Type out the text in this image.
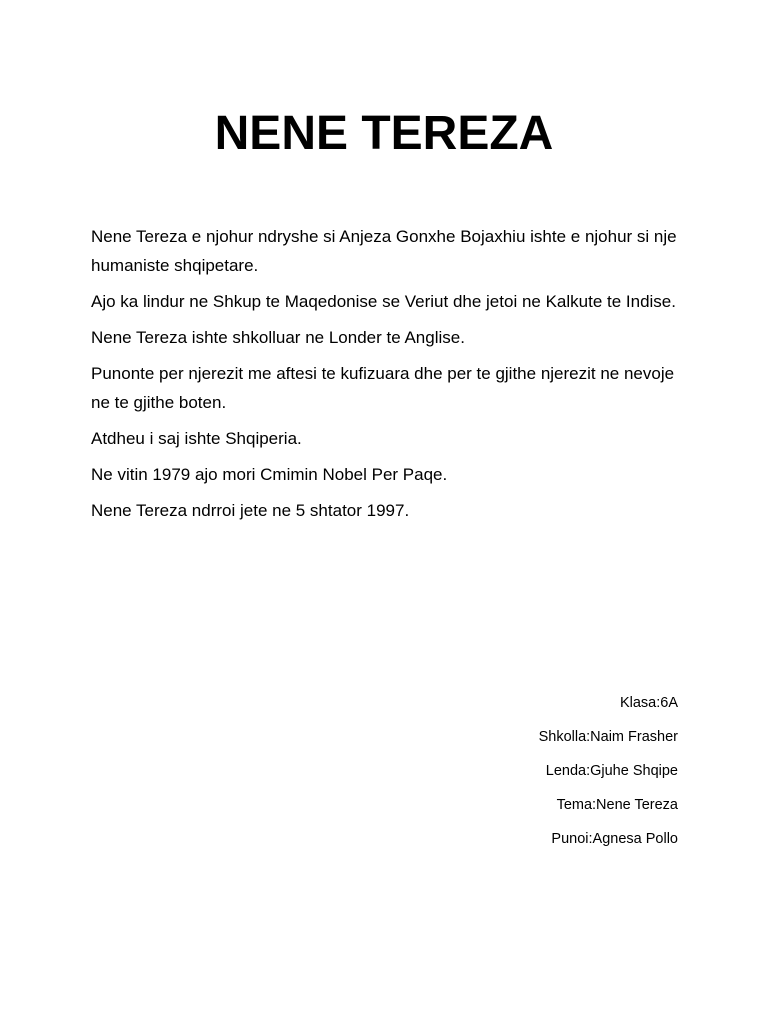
NENE TEREZA

Nene Tereza e njohur ndryshe si Anjeza Gonxhe Bojaxhiu ishte e njohur si nje humaniste shqipetare.

Ajo ka lindur ne Shkup te Maqedonise se Veriut dhe jetoi ne Kalkute te Indise.

Nene Tereza ishte shkolluar ne Londer te Anglise.

Punonte per njerezit me aftesi te kufizuara dhe per te gjithe njerezit ne nevoje ne te gjithe boten.

Atdheu i saj ishte Shqiperia.

Ne vitin 1979 ajo mori Cmimin Nobel Per Paqe.

Nene Tereza ndrroi jete ne 5 shtator 1997.

Klasa:6A
Shkolla:Naim Frasher
Lenda:Gjuhe Shqipe
Tema:Nene Tereza
Punoi:Agnesa Pollo
